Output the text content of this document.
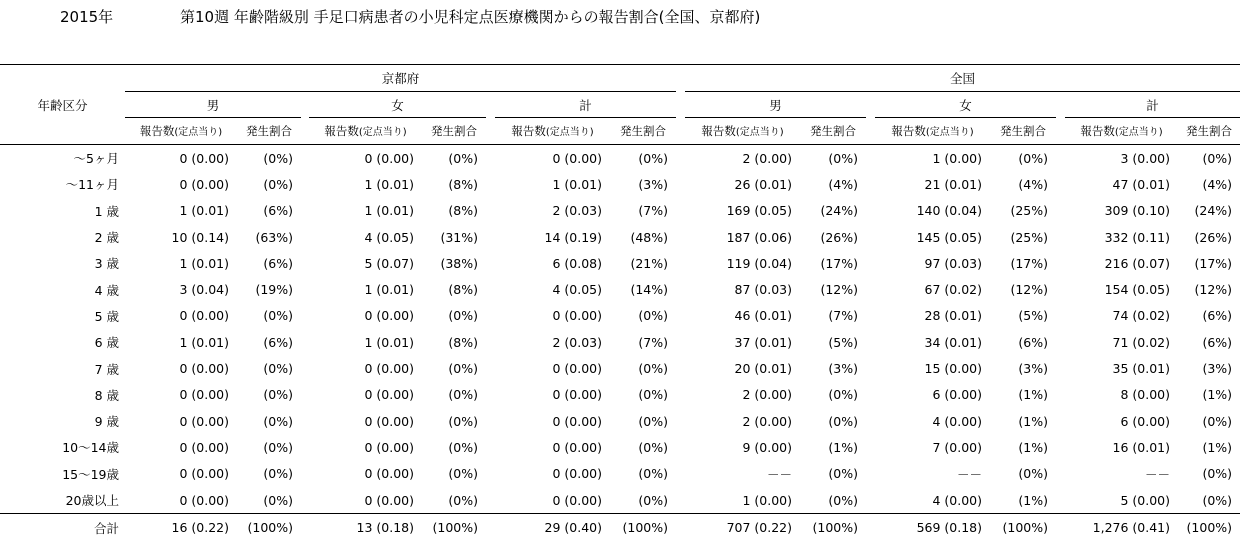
2015年	第10週 年齢階級別 手足口病患者の小児科定点医療機関からの報告割合(全国、京都府)
	京都府									全国							
年齢区分	男			女			計			男			女			計	
	報告数(定点当り)	発生割合		報告数(定点当り)	発生割合		報告数(定点当り)	発生割合		報告数(定点当り)	発生割合		報告数(定点当り)	発生割合		報告数(定点当り)	発生割合
～5ヶ月	0 (0.00)	(0%)		0 (0.00)	(0%)		0 (0.00)	(0%)		2 (0.00)	(0%)		1 (0.00)	(0%)		3 (0.00)	(0%)
～11ヶ月	0 (0.00)	(0%)		1 (0.01)	(8%)		1 (0.01)	(3%)		26 (0.01)	(4%)		21 (0.01)	(4%)		47 (0.01)	(4%)
1 歳	1 (0.01)	(6%)		1 (0.01)	(8%)		2 (0.03)	(7%)		169 (0.05)	(24%)		140 (0.04)	(25%)		309 (0.10)	(24%)
2 歳	10 (0.14)	(63%)		4 (0.05)	(31%)		14 (0.19)	(48%)		187 (0.06)	(26%)		145 (0.05)	(25%)		332 (0.11)	(26%)
3 歳	1 (0.01)	(6%)		5 (0.07)	(38%)		6 (0.08)	(21%)		119 (0.04)	(17%)		97 (0.03)	(17%)		216 (0.07)	(17%)
4 歳	3 (0.04)	(19%)		1 (0.01)	(8%)		4 (0.05)	(14%)		87 (0.03)	(12%)		67 (0.02)	(12%)		154 (0.05)	(12%)
5 歳	0 (0.00)	(0%)		0 (0.00)	(0%)		0 (0.00)	(0%)		46 (0.01)	(7%)		28 (0.01)	(5%)		74 (0.02)	(6%)
6 歳	1 (0.01)	(6%)		1 (0.01)	(8%)		2 (0.03)	(7%)		37 (0.01)	(5%)		34 (0.01)	(6%)		71 (0.02)	(6%)
7 歳	0 (0.00)	(0%)		0 (0.00)	(0%)		0 (0.00)	(0%)		20 (0.01)	(3%)		15 (0.00)	(3%)		35 (0.01)	(3%)
8 歳	0 (0.00)	(0%)		0 (0.00)	(0%)		0 (0.00)	(0%)		2 (0.00)	(0%)		6 (0.00)	(1%)		8 (0.00)	(1%)
9 歳	0 (0.00)	(0%)		0 (0.00)	(0%)		0 (0.00)	(0%)		2 (0.00)	(0%)		4 (0.00)	(1%)		6 (0.00)	(0%)
10～14歳	0 (0.00)	(0%)		0 (0.00)	(0%)		0 (0.00)	(0%)		9 (0.00)	(1%)		7 (0.00)	(1%)		16 (0.01)	(1%)
15～19歳	0 (0.00)	(0%)		0 (0.00)	(0%)		0 (0.00)	(0%)		－－	(0%)		－－	(0%)		－－	(0%)
20歳以上	0 (0.00)	(0%)		0 (0.00)	(0%)		0 (0.00)	(0%)		1 (0.00)	(0%)		4 (0.00)	(1%)		5 (0.00)	(0%)
合計	16 (0.22)	(100%)		13 (0.18)	(100%)		29 (0.40)	(100%)		707 (0.22)	(100%)		569 (0.18)	(100%)		1,276 (0.41)	(100%)
